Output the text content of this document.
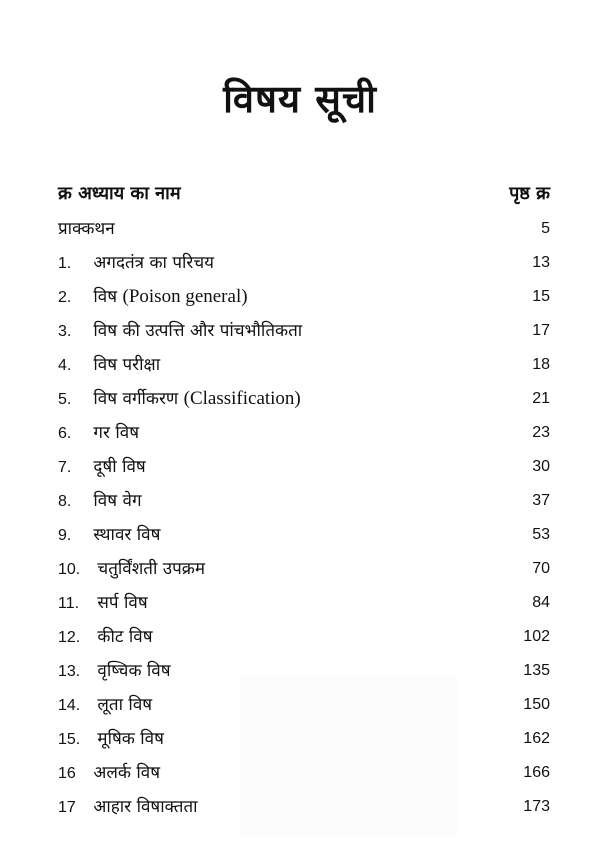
विषय सूची
क्र अध्याय का नाम	पृष्ठ क्र
प्राक्कथन	5
1. अगदतंत्र का परिचय	13
2. विष (Poison general)	15
3. विष की उत्पत्ति और पांचभौतिकता	17
4. विष परीक्षा	18
5. विष वर्गीकरण (Classification)	21
6. गर विष	23
7. दूषी विष	30
8. विष वेग	37
9. स्थावर विष	53
10. चतुर्विंशती उपक्रम	70
11. सर्प विष	84
12. कीट विष	102
13. वृष्चिक विष	135
14. लूता विष	150
15. मूषिक विष	162
16 अलर्क विष	166
17 आहार विषाक्तता	173
